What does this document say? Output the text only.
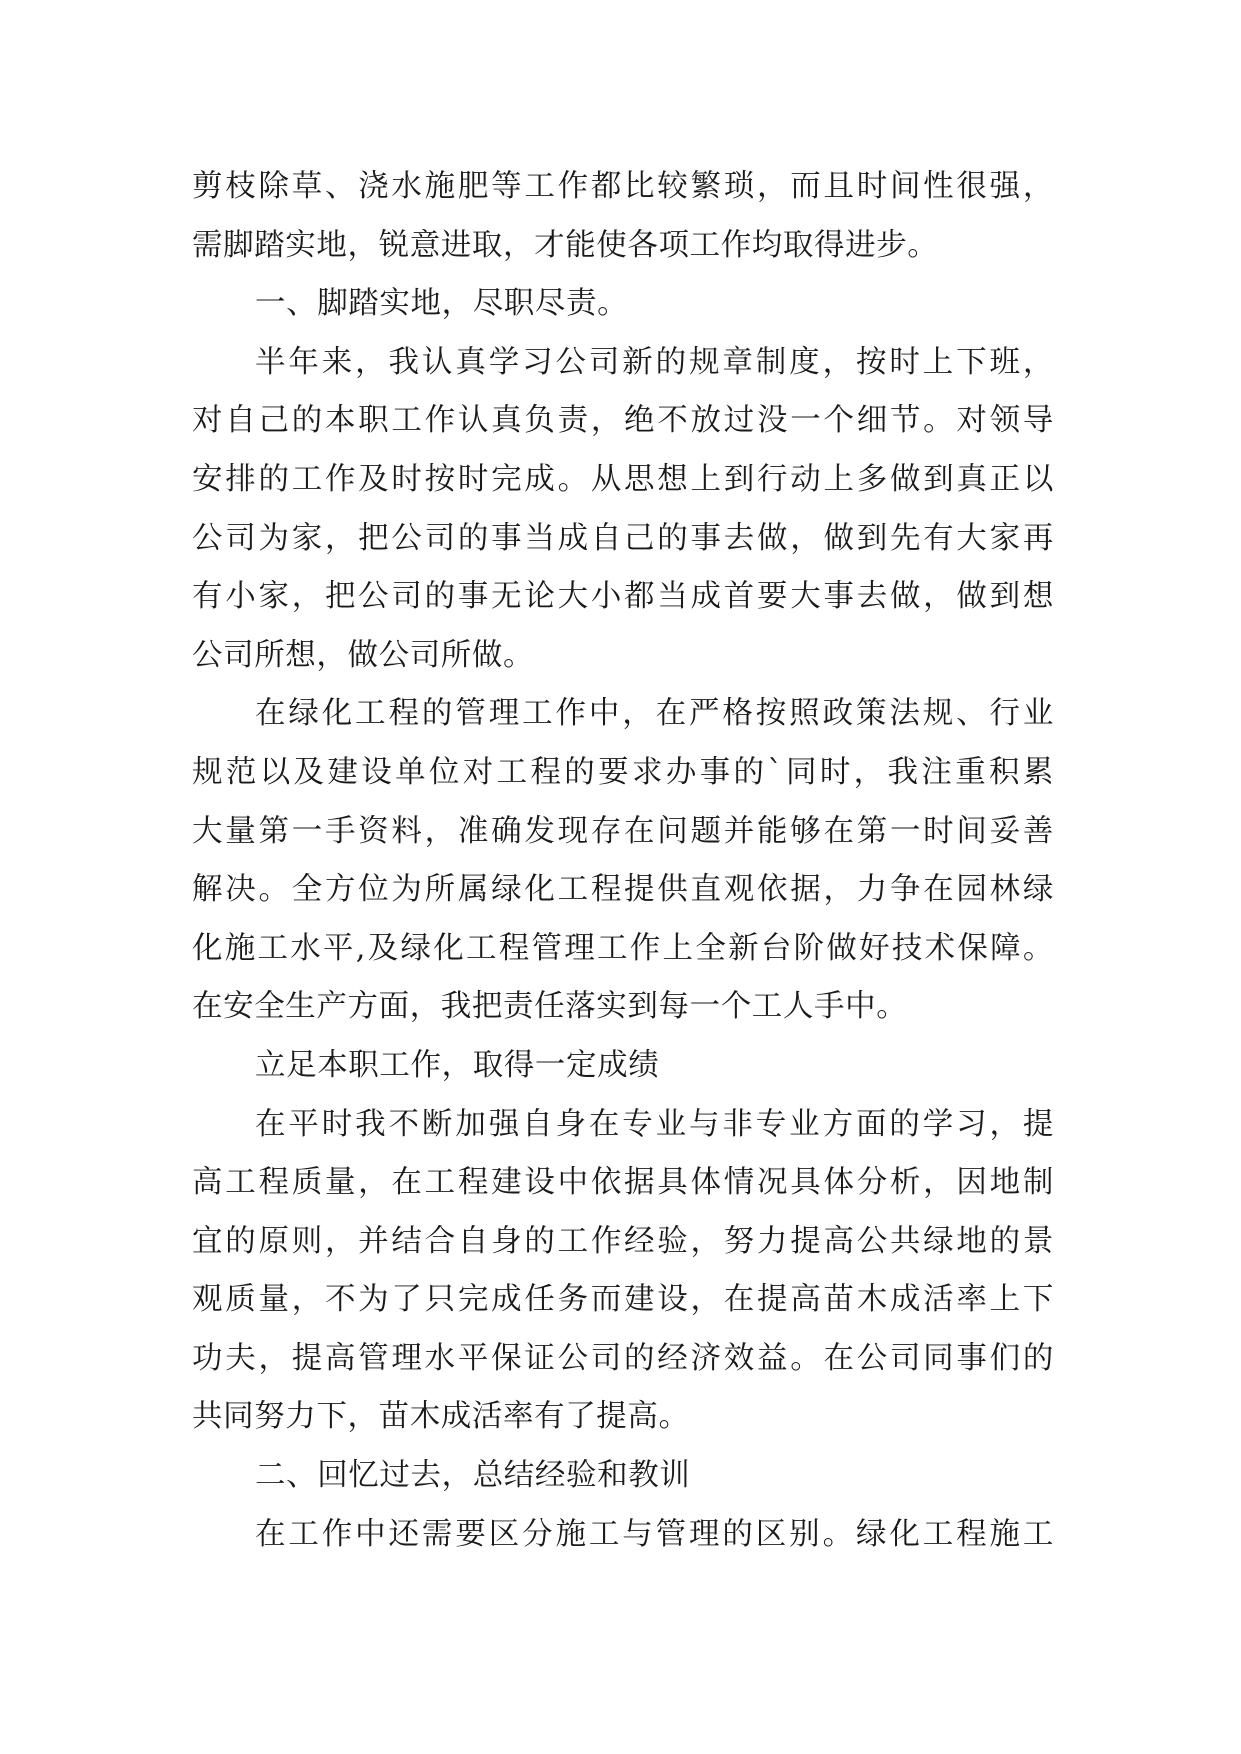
剪枝除草、浇水施肥等工作都比较繁琐，而且时间性很强，
需脚踏实地，锐意进取，才能使各项工作均取得进步。
一、脚踏实地，尽职尽责。
半年来，我认真学习公司新的规章制度，按时上下班，
对自己的本职工作认真负责，绝不放过没一个细节。对领导
安排的工作及时按时完成。从思想上到行动上多做到真正以
公司为家，把公司的事当成自己的事去做，做到先有大家再
有小家，把公司的事无论大小都当成首要大事去做，做到想
公司所想，做公司所做。
在绿化工程的管理工作中，在严格按照政策法规、行业
规范以及建设单位对工程的要求办事的`同时，我注重积累
大量第一手资料，准确发现存在问题并能够在第一时间妥善
解决。全方位为所属绿化工程提供直观依据，力争在园林绿
化施工水平,及绿化工程管理工作上全新台阶做好技术保障。
在安全生产方面，我把责任落实到每一个工人手中。
立足本职工作，取得一定成绩
在平时我不断加强自身在专业与非专业方面的学习，提
高工程质量，在工程建设中依据具体情况具体分析，因地制
宜的原则，并结合自身的工作经验，努力提高公共绿地的景
观质量，不为了只完成任务而建设，在提高苗木成活率上下
功夫，提高管理水平保证公司的经济效益。在公司同事们的
共同努力下，苗木成活率有了提高。
二、回忆过去，总结经验和教训
在工作中还需要区分施工与管理的区别。绿化工程施工
